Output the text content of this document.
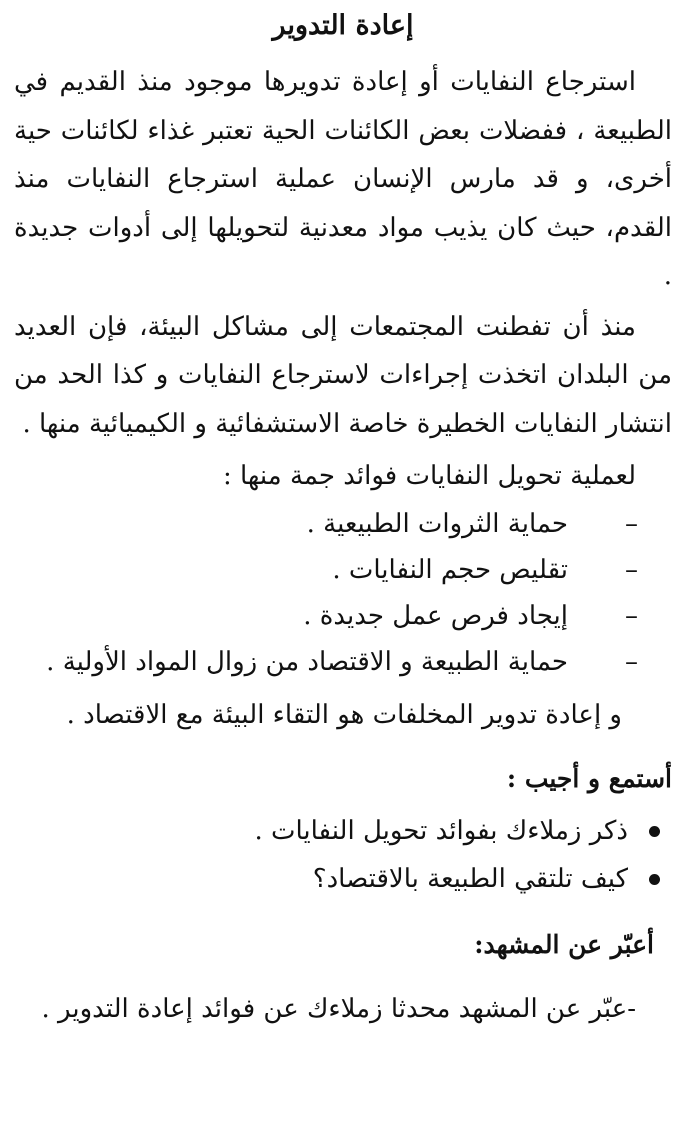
إعادة التدوير

استرجاع النفايات أو إعادة تدويرها موجود منذ القديم في الطبيعة ، ففضلات بعض الكائنات الحية تعتبر غذاء لكائنات حية أخرى، و قد مارس الإنسان عملية استرجاع النفايات منذ القدم، حيث كان يذيب مواد معدنية لتحويلها إلى أدوات جديدة .

منذ أن تفطنت المجتمعات إلى مشاكل البيئة، فإن العديد من البلدان اتخذت إجراءات لاسترجاع النفايات و كذا الحد من انتشار النفايات الخطيرة خاصة الاستشفائية و الكيميائية منها .

لعملية تحويل النفايات فوائد جمة منها :

–
حماية الثروات الطبيعية .
–
تقليص حجم النفايات .
–
إيجاد فرص عمل جديدة .
–
حماية الطبيعة و الاقتصاد من زوال المواد الأولية .

و إعادة تدوير المخلفات هو التقاء البيئة مع الاقتصاد .

أستمع و أجيب :
ذكر زملاءك بفوائد تحويل النفايات .
كيف تلتقي الطبيعة بالاقتصاد؟
أعبّر عن المشهد:

-عبّر عن المشهد محدثا زملاءك عن فوائد إعادة التدوير .
